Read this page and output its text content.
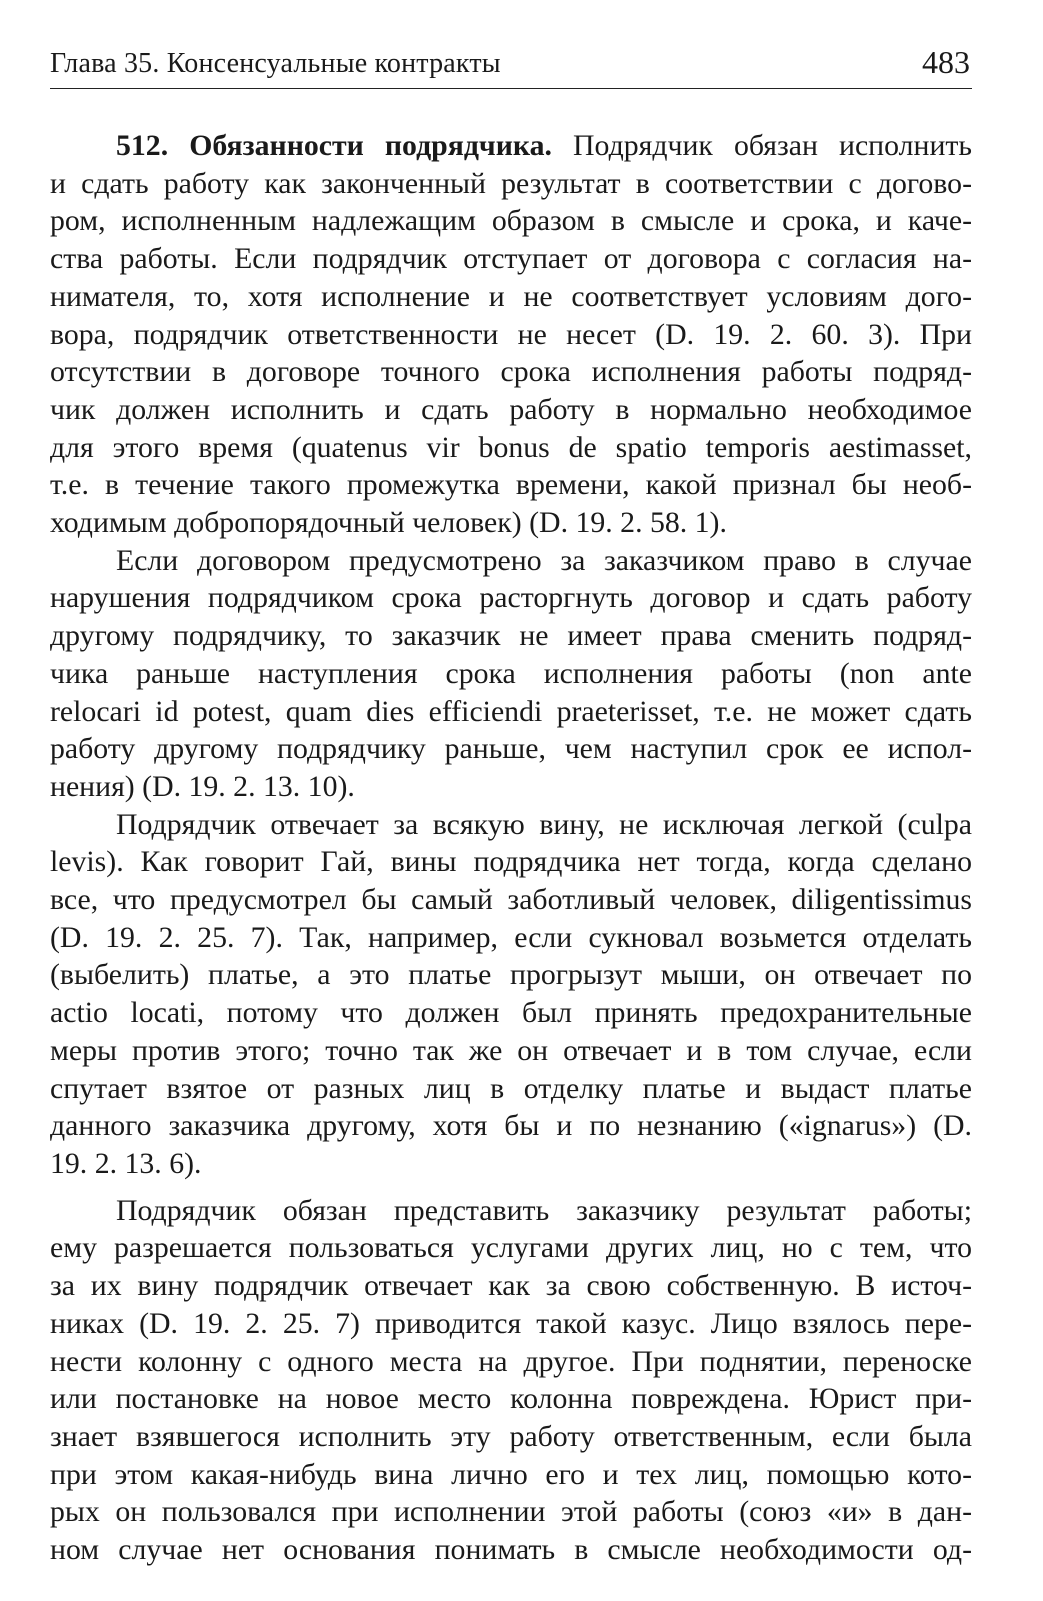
Глава 35. Консенсуальные контракты	483
512. Обязанности подрядчика. Подрядчик обязан исполнить
и сдать работу как законченный результат в соответствии с догово-
ром, исполненным надлежащим образом в смысле и срока, и каче-
ства работы. Если подрядчик отступает от договора с согласия на-
нимателя, то, хотя исполнение и не соответствует условиям дого-
вора, подрядчик ответственности не несет (D. 19. 2. 60. 3). При
отсутствии в договоре точного срока исполнения работы подряд-
чик должен исполнить и сдать работу в нормально необходимое
для этого время (quatenus vir bonus de spatio temporis aestimasset,
т.е. в течение такого промежутка времени, какой признал бы необ-
ходимым добропорядочный человек) (D. 19. 2. 58. 1).
Если договором предусмотрено за заказчиком право в случае
нарушения подрядчиком срока расторгнуть договор и сдать работу
другому подрядчику, то заказчик не имеет права сменить подряд-
чика раньше наступления срока исполнения работы (non ante
relocari id potest, quam dies efficiendi praeterisset, т.е. не может сдать
работу другому подрядчику раньше, чем наступил срок ее испол-
нения) (D. 19. 2. 13. 10).
Подрядчик отвечает за всякую вину, не исключая легкой (culpa
levis). Как говорит Гай, вины подрядчика нет тогда, когда сделано
все, что предусмотрел бы самый заботливый человек, diligentissimus
(D. 19. 2. 25. 7). Так, например, если сукновал возьмется отделать
(выбелить) платье, а это платье прогрызут мыши, он отвечает по
actio locati, потому что должен был принять предохранительные
меры против этого; точно так же он отвечает и в том случае, если
спутает взятое от разных лиц в отделку платье и выдаст платье
данного заказчика другому, хотя бы и по незнанию («ignarus») (D.
19. 2. 13. 6).
Подрядчик обязан представить заказчику результат работы;
ему разрешается пользоваться услугами других лиц, но с тем, что
за их вину подрядчик отвечает как за свою собственную. В источ-
никах (D. 19. 2. 25. 7) приводится такой казус. Лицо взялось пере-
нести колонну с одного места на другое. При поднятии, переноске
или постановке на новое место колонна повреждена. Юрист при-
знает взявшегося исполнить эту работу ответственным, если была
при этом какая-нибудь вина лично его и тех лиц, помощью кото-
рых он пользовался при исполнении этой работы (союз «и» в дан-
ном случае нет основания понимать в смысле необходимости од-
